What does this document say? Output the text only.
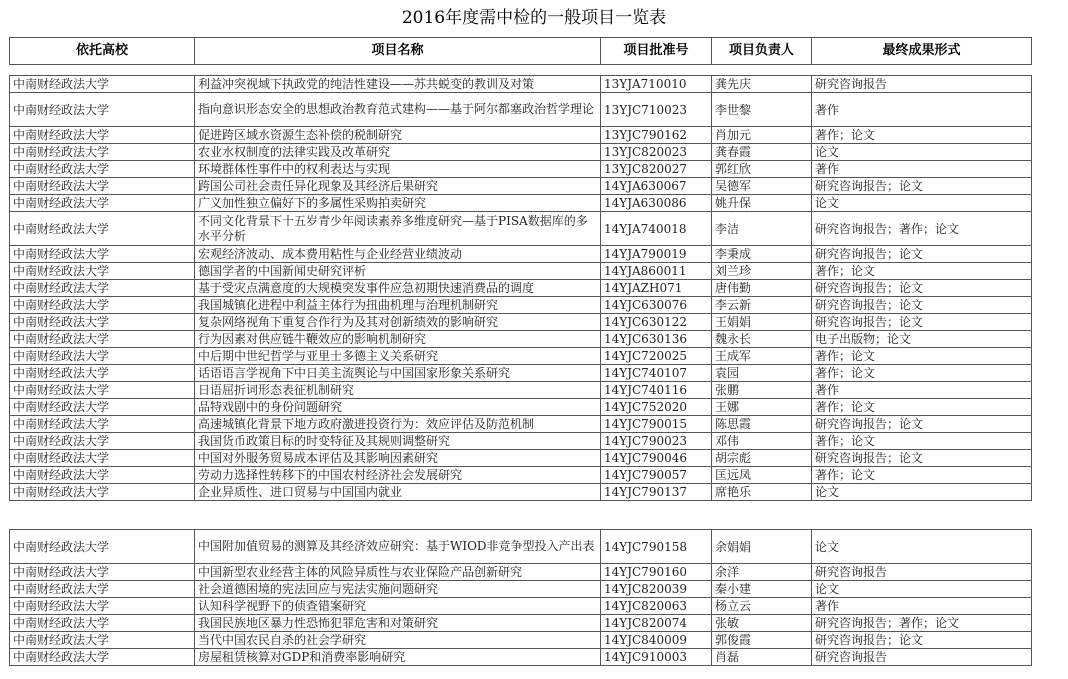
2016年度需中检的一般项目一览表
依托高校	项目名称	项目批准号	项目负责人	最终成果形式
中南财经政法大学	利益冲突视域下执政党的纯洁性建设——苏共蜕变的教训及对策	13YJA710010	龚先庆	研究咨询报告
中南财经政法大学	指向意识形态安全的思想政治教育范式建构——基于阿尔都塞政治哲学理论	13YJC710023	李世黎	著作
中南财经政法大学	促进跨区域水资源生态补偿的税制研究	13YJC790162	肖加元	著作；论文
中南财经政法大学	农业水权制度的法律实践及改革研究	13YJC820023	龚春霞	论文
中南财经政法大学	环境群体性事件中的权利表达与实现	13YJC820027	郭红欣	著作
中南财经政法大学	跨国公司社会责任异化现象及其经济后果研究	14YJA630067	吴德军	研究咨询报告；论文
中南财经政法大学	广义加性独立偏好下的多属性采购拍卖研究	14YJA630086	姚升保	论文
中南财经政法大学	不同文化背景下十五岁青少年阅读素养多维度研究—基于PISA数据库的多水平分析	14YJA740018	李洁	研究咨询报告；著作；论文
中南财经政法大学	宏观经济波动、成本费用粘性与企业经营业绩波动	14YJA790019	李秉成	研究咨询报告；论文
中南财经政法大学	德国学者的中国新闻史研究评析	14YJA860011	刘兰珍	著作；论文
中南财经政法大学	基于受灾点满意度的大规模突发事件应急初期快速消费品的调度	14YJAZH071	唐伟勤	研究咨询报告；论文
中南财经政法大学	我国城镇化进程中利益主体行为扭曲机理与治理机制研究	14YJC630076	李云新	研究咨询报告；论文
中南财经政法大学	复杂网络视角下重复合作行为及其对创新绩效的影响研究	14YJC630122	王娟娟	研究咨询报告；论文
中南财经政法大学	行为因素对供应链牛鞭效应的影响机制研究	14YJC630136	魏永长	电子出版物；论文
中南财经政法大学	中后期中世纪哲学与亚里士多德主义关系研究	14YJC720025	王成军	著作；论文
中南财经政法大学	话语语言学视角下中日美主流舆论与中国国家形象关系研究	14YJC740107	袁园	著作；论文
中南财经政法大学	日语屈折词形态表征机制研究	14YJC740116	张鹏	著作
中南财经政法大学	品特戏剧中的身份问题研究	14YJC752020	王娜	著作；论文
中南财经政法大学	高速城镇化背景下地方政府激进投资行为：效应评估及防范机制	14YJC790015	陈思霞	研究咨询报告；论文
中南财经政法大学	我国货币政策目标的时变特征及其规则调整研究	14YJC790023	邓伟	著作；论文
中南财经政法大学	中国对外服务贸易成本评估及其影响因素研究	14YJC790046	胡宗彪	研究咨询报告；论文
中南财经政法大学	劳动力选择性转移下的中国农村经济社会发展研究	14YJC790057	匡远凤	著作；论文
中南财经政法大学	企业异质性、进口贸易与中国国内就业	14YJC790137	席艳乐	论文
中南财经政法大学	中国附加值贸易的测算及其经济效应研究：基于WIOD非竞争型投入产出表	14YJC790158	余娟娟	论文
中南财经政法大学	中国新型农业经营主体的风险异质性与农业保险产品创新研究	14YJC790160	余洋	研究咨询报告
中南财经政法大学	社会道德困境的宪法回应与宪法实施问题研究	14YJC820039	秦小建	论文
中南财经政法大学	认知科学视野下的侦查错案研究	14YJC820063	杨立云	著作
中南财经政法大学	我国民族地区暴力性恐怖犯罪危害和对策研究	14YJC820074	张敏	研究咨询报告；著作；论文
中南财经政法大学	当代中国农民自杀的社会学研究	14YJC840009	郭俊霞	研究咨询报告；论文
中南财经政法大学	房屋租赁核算对GDP和消费率影响研究	14YJC910003	肖磊	研究咨询报告
